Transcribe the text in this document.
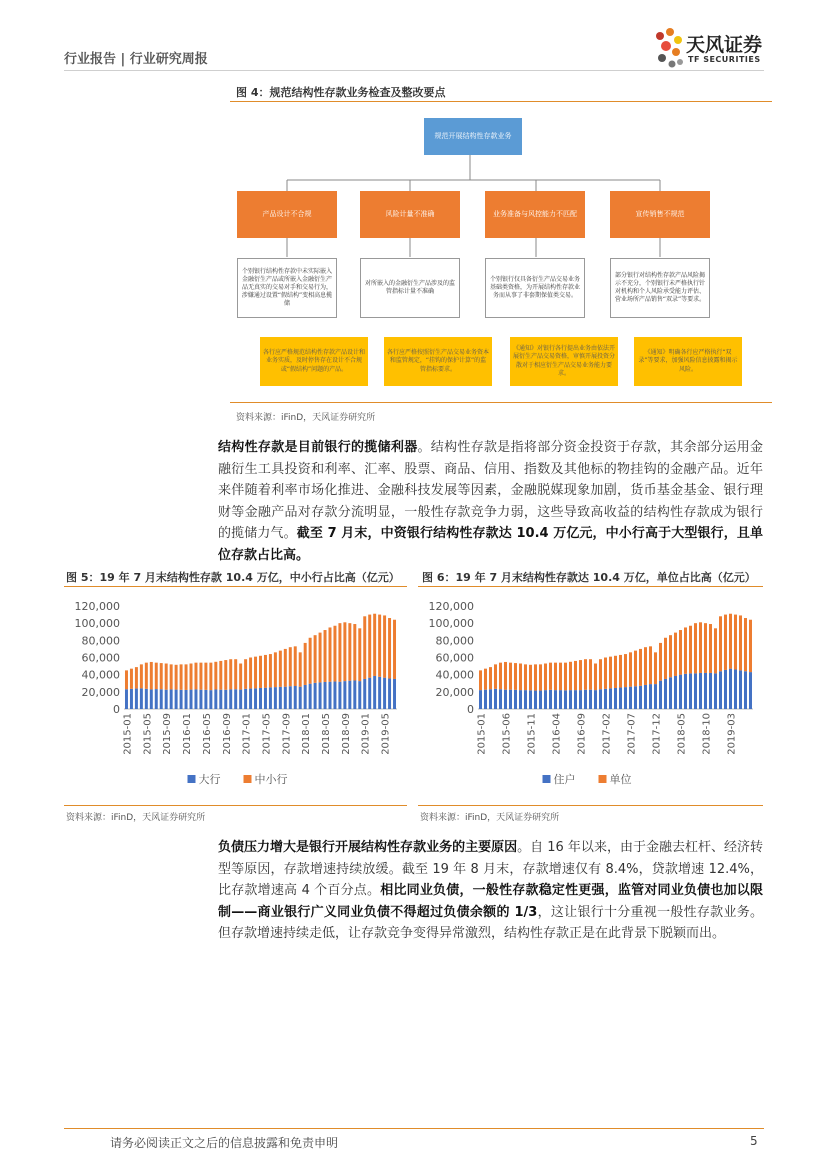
行业报告 | 行业研究周报
天风证券
TF SECURITIES
图 4：规范结构性存款业务检查及整改要点
规范开展结构性存款业务
产品设计不合规	风险计量不准确	业务准备与风控能力不匹配	宣传销售不规范
个别银行结构性存款中未实际嵌入金融衍生产品或所嵌入金融衍生产品无真实的交易对手和交易行为，涉嫌通过设置“假结构”变相高息揽储
对所嵌入的金融衍生产品涉及的监管指标计量不准确
个别银行仅具备衍生产品交易业务基础类资格，为开展结构性存款业务而从事了非套期保值类交易。
部分银行对结构性存款产品风险揭示不充分，个别银行未严格执行针对机构和个人风险承受能力评估、营业场所产品销售“双录”等要求。
各行应严格规范结构性存款产品设计和业务实质，及时停售存在设计不合规或“假结构”问题的产品。
各行应严格按照衍生产品交易业务资本和监管规定，“挂钩的保护计算”的监管指标要求。
《通知》对银行各行提出业务由依法开展衍生产品交易资格，审慎开展投资分散对于相应衍生产品交易业务能力要求。
《通知》明确各行应严格执行“双录”等要求，加强风险信息披露和揭示风险。
资料来源：iFinD，天风证券研究所
结构性存款是目前银行的揽储利器。结构性存款是指将部分资金投资于存款，其余部分运用金融衍生工具投资和利率、汇率、股票、商品、信用、指数及其他标的物挂钩的金融产品。近年来伴随着利率市场化推进、金融科技发展等因素，金融脱媒现象加剧，货币基金基金、银行理财等金融产品对存款分流明显，一般性存款竞争力弱，这些导致高收益的结构性存款成为银行的揽储力气。截至 7 月末，中资银行结构性存款达 10.4 万亿元，中小行高于大型银行，且单位存款占比高。
图 5：19 年 7 月末结构性存款 10.4 万亿，中小行占比高（亿元）
0
20,000
40,000
60,000
80,000
100,000
120,000
2015-01 2015-05 2015-09 2016-01 2016-05 2016-09 2017-01 2017-05 2017-09 2018-01 2018-05 2018-09 2019-01 2019-05
大行	中小行
资料来源：iFinD，天风证券研究所
图 6：19 年 7 月末结构性存款达 10.4 万亿，单位占比高（亿元）
0
20,000
40,000
60,000
80,000
100,000
120,000
2015-01 2015-06 2015-11 2016-04 2016-09 2017-02 2017-07 2017-12 2018-05 2018-10 2019-03
住户	单位
资料来源：iFinD，天风证券研究所
负债压力增大是银行开展结构性存款业务的主要原因。自 16 年以来，由于金融去杠杆、经济转型等原因，存款增速持续放缓。截至 19 年 8 月末，存款增速仅有 8.4%，贷款增速 12.4%，比存款增速高 4 个百分点。相比同业负债，一般性存款稳定性更强，监管对同业负债也加以限制——商业银行广义同业负债不得超过负债余额的 1/3，这让银行十分重视一般性存款业务。但存款增速持续走低，让存款竞争变得异常激烈，结构性存款正是在此背景下脱颖而出。
请务必阅读正文之后的信息披露和免责申明	5
